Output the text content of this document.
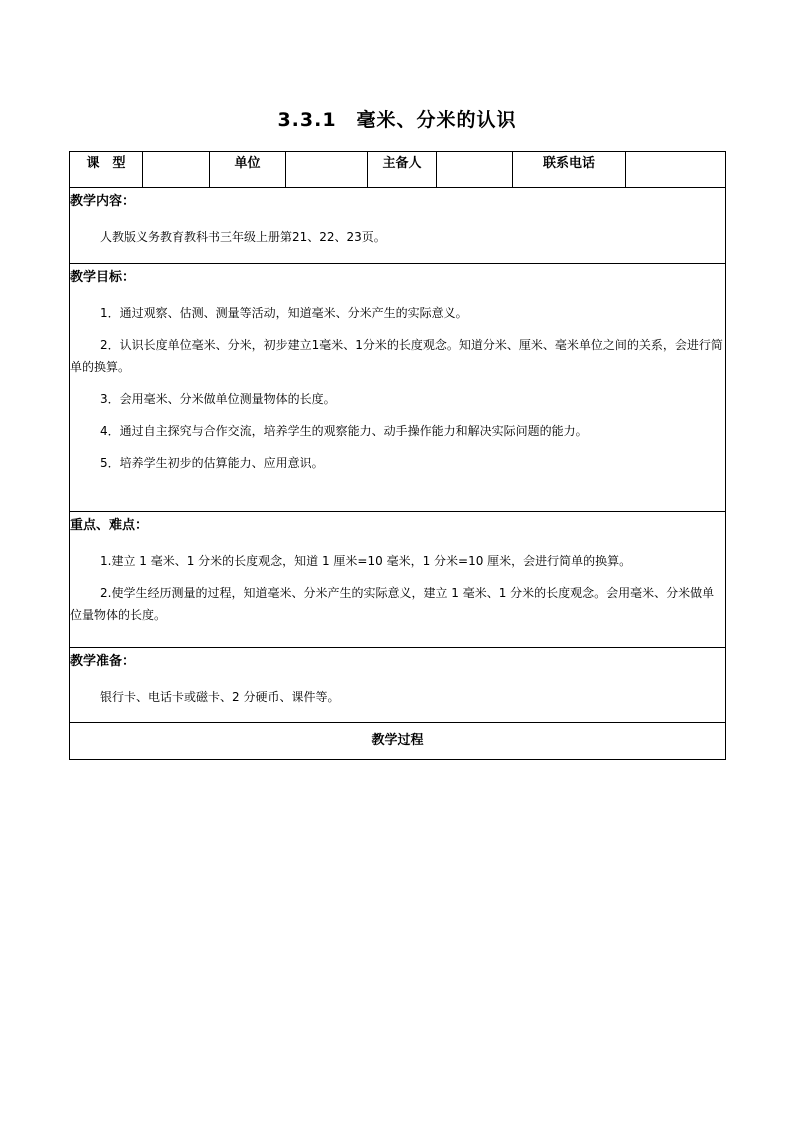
3.3.1　毫米、分米的认识
课　型		单位		主备人		联系电话	

教学内容：
人教版义务教育教科书三年级上册第21、22、23页。

教学目标：
1．通过观察、估测、测量等活动，知道毫米、分米产生的实际意义。
2．认识长度单位毫米、分米，初步建立1毫米、1分米的长度观念。知道分米、厘米、毫米单位之间的关系，会进行简单的换算。
3．会用毫米、分米做单位测量物体的长度。
4．通过自主探究与合作交流，培养学生的观察能力、动手操作能力和解决实际问题的能力。
5．培养学生初步的估算能力、应用意识。

重点、难点：
1.建立 1 毫米、1 分米的长度观念，知道 1 厘米=10 毫米，1 分米=10 厘米，会进行简单的换算。
2.使学生经历测量的过程，知道毫米、分米产生的实际意义，建立 1 毫米、1 分米的长度观念。会用毫米、分米做单位量物体的长度。

教学准备：
银行卡、电话卡或磁卡、2 分硬币、课件等。

教学过程
